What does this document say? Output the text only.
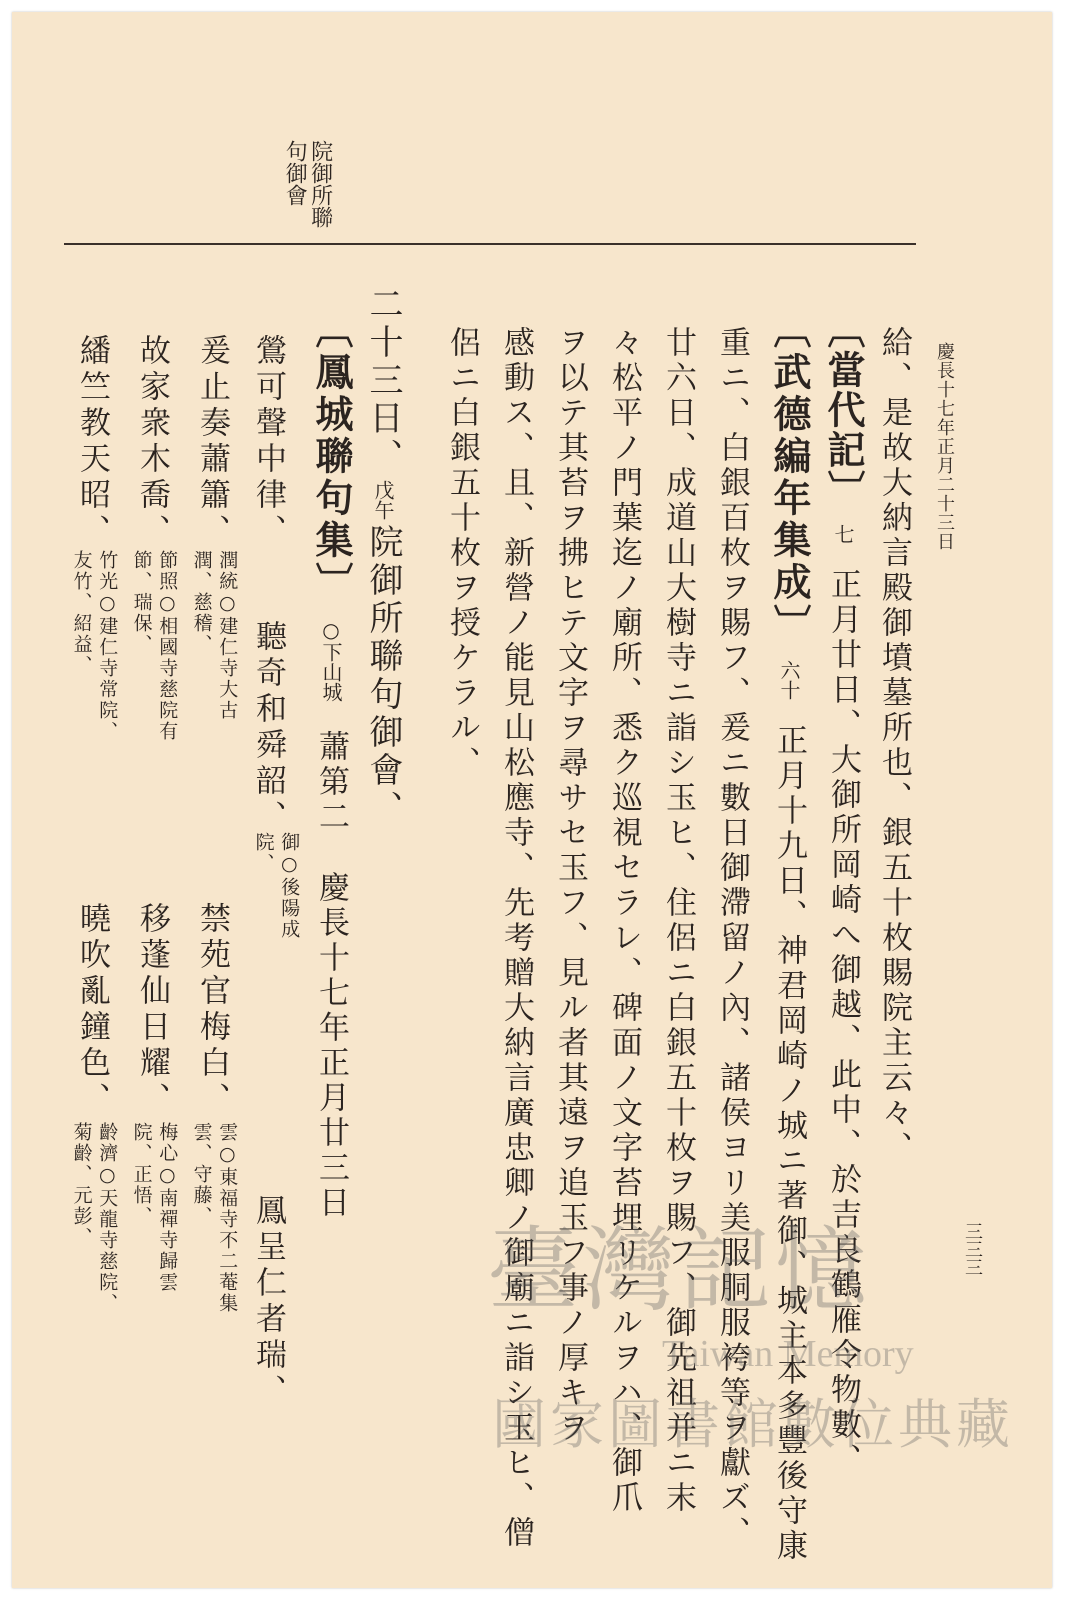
慶長十七年正月二十三日
三三三
院御所聯句御會
給、是故大納言殿御墳墓所也、銀五十枚賜院主云々、
〔當代記〕七正月廿日、大御所岡崎へ御越、此中、於吉良鶴雁令物數、
〔武德編年集成〕六十正月十九日、神君岡崎ノ城ニ著御、城主本多豐後守康
重ニ、白銀百枚ヲ賜フ、爰ニ數日御滯留ノ內、諸侯ヨリ美服胴服袴等ヲ獻ズ、
廿六日、成道山大樹寺ニ詣シ玉ヒ、住侶ニ白銀五十枚ヲ賜フ、御先祖并ニ末
々松平ノ門葉迄ノ廟所、悉ク巡視セラレ、碑面ノ文字苔埋リケルヲハ、御爪
ヲ以テ其苔ヲ拂ヒテ文字ヲ尋サセ玉フ、見ル者其遠ヲ追玉フ事ノ厚キヲ
感動ス、且、新營ノ能見山松應寺、先考贈大納言廣忠卿ノ御廟ニ詣シ玉ヒ、僧
侶ニ白銀五十枚ヲ授ケラル、
二十三日、戊午院御所聯句御會、
〔鳳城聯句集〕○下山城蕭第二慶長十七年正月廿三日
鶯可聲中律、
聽奇和舜韶、
御○後陽成院、
鳳呈仁者瑞、
爰止奏蕭簫、
潤統○建仁寺大古潤、慈稽、
禁苑官梅白、
雲○東福寺不二菴集雲、守藤、
故家衆木喬、
節照○相國寺慈院有節、瑞保、
移蓬仙日耀、
梅心○南禪寺歸雲院、正悟、
繙竺教天昭、
竹光○建仁寺常院、友竹、紹益、
曉吹亂鐘色、
齡濟○天龍寺慈院、菊齡、元彭、
臺灣記憶
Taiwan Memory
國家圖書館數位典藏
